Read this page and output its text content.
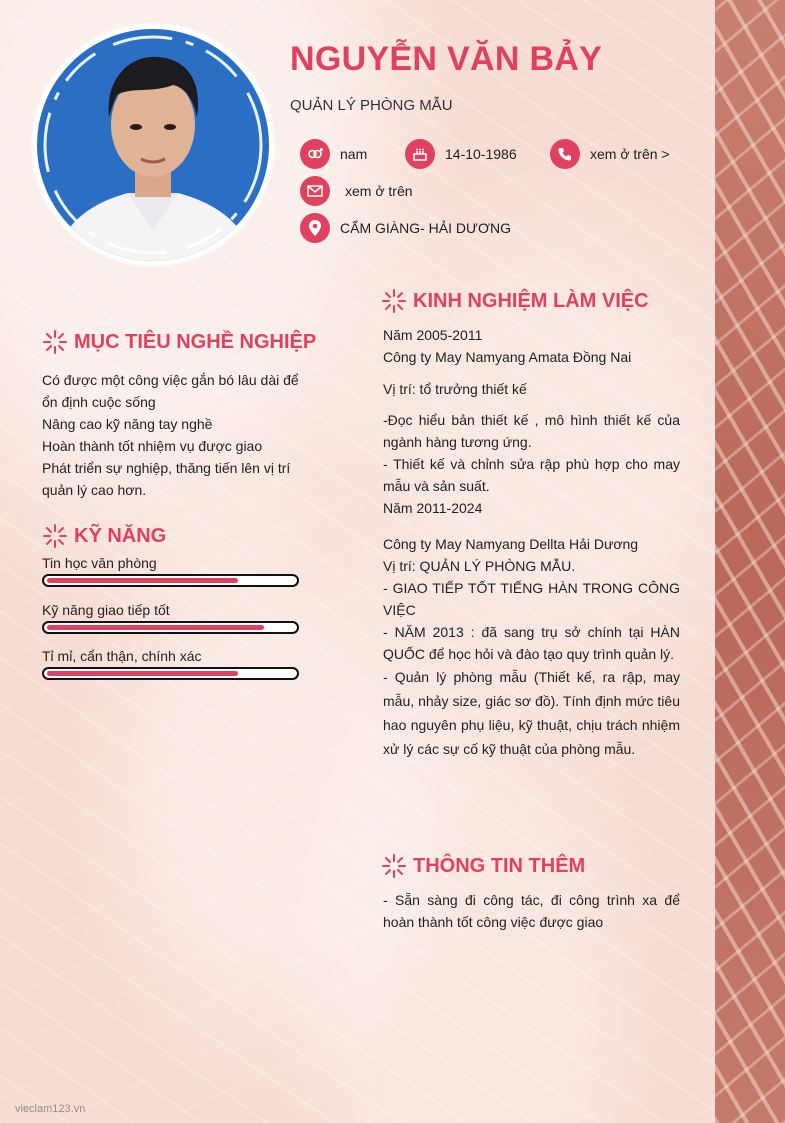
NGUYỄN VĂN BẢY
QUẢN LÝ PHÒNG MẪU
nam	14-10-1986	xem ở trên >
xem ở trên
CẨM GIÀNG- HẢI DƯƠNG
MỤC TIÊU NGHỀ NGHIỆP

Có được một công việc gắn bó lâu dài để ổn định cuộc sống

Nâng cao kỹ năng tay nghề

Hoàn thành tốt nhiệm vụ được giao

Phát triển sự nghiệp, thăng tiến lên vị trí quản lý cao hơn.

KỸ NĂNG
Tin học văn phòng
Kỹ năng giao tiếp tốt
Tỉ mỉ, cẩn thận, chính xác
KINH NGHIỆM LÀM VIỆC

Năm 2005-2011

Công ty May Namyang Amata Đồng Nai

Vị trí: tổ trưởng thiết kế

-Đọc hiểu bản thiết kế , mô hình thiết kế của ngành hàng tương ứng.

- Thiết kế và chỉnh sửa rập phù hợp cho may mẫu và sản suất.

Năm 2011-2024

Công ty May Namyang Dellta Hải Dương

Vị trí: QUẢN LÝ PHÒNG MẪU.

- GIAO TIẾP TỐT TIẾNG HÀN TRONG CÔNG VIỆC

- NĂM 2013 : đã sang trụ sở chính tại HÀN QUỐC để học hỏi và đào tạo quy trình quản lý.

- Quản lý phòng mẫu (Thiết kế, ra rập, may mẫu, nhảy size, giác sơ đồ). Tính định mức tiêu hao nguyên phụ liệu, kỹ thuật, chịu trách nhiệm xử lý các sự cố kỹ thuật của phòng mẫu.

THÔNG TIN THÊM

- Sẵn sàng đi công tác, đi công trình xa để hoàn thành tốt công việc được giao

vieclam123.vn
